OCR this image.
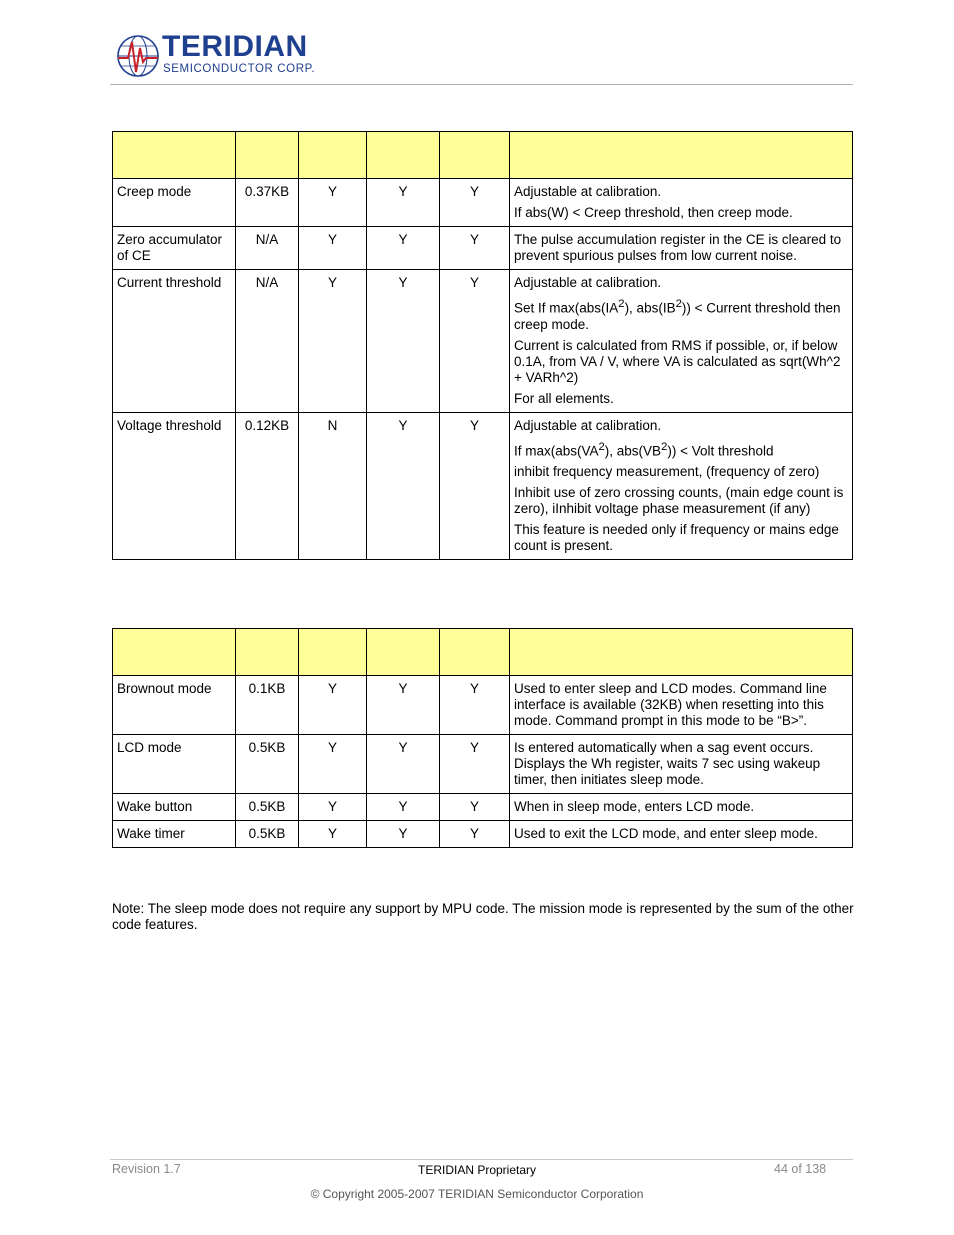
TERIDIAN
SEMICONDUCTOR CORP.

Creep mode	0.37KB	Y	Y	Y	Adjustable at calibration.

If abs(W) < Creep threshold, then creep mode.

Zero accumulator of CE	N/A	Y	Y	Y	The pulse accumulation register in the CE is cleared to prevent spurious pulses from low current noise.

Current threshold	N/A	Y	Y	Y	Adjustable at calibration.

Set If $\max(abs(IA^2)$, $abs(IB^2)$) < Current threshold then creep mode.

Current is calculated from RMS if possible, or, if below 0.1A, from VA / V, where VA is calculated as sqrt(Wh^2 + VARh^2)

For all elements.

Voltage threshold	0.12KB	N	Y	Y	Adjustable at calibration.

If $\max(abs(VA^2)$, $abs(VB^2)$) < Volt threshold

inhibit frequency measurement, (frequency of zero)

Inhibit use of zero crossing counts, (main edge count is zero), iInhibit voltage phase measurement (if any)

This feature is needed only if frequency or mains edge count is present.

Brownout mode	0.1KB	Y	Y	Y	Used to enter sleep and LCD modes. Command line interface is available (32KB) when resetting into this mode. Command prompt in this mode to be “B>”.

LCD mode	0.5KB	Y	Y	Y	Is entered automatically when a sag event occurs. Displays the Wh register, waits 7 sec using wakeup timer, then initiates sleep mode.

Wake button	0.5KB	Y	Y	Y	When in sleep mode, enters LCD mode.

Wake timer	0.5KB	Y	Y	Y	Used to exit the LCD mode, and enter sleep mode.

Note: The sleep mode does not require any support by MPU code. The mission mode is represented by the sum of the other code features.
Revision 1.7	TERIDIAN Proprietary	44 of 138
© Copyright 2005-2007 TERIDIAN Semiconductor Corporation
